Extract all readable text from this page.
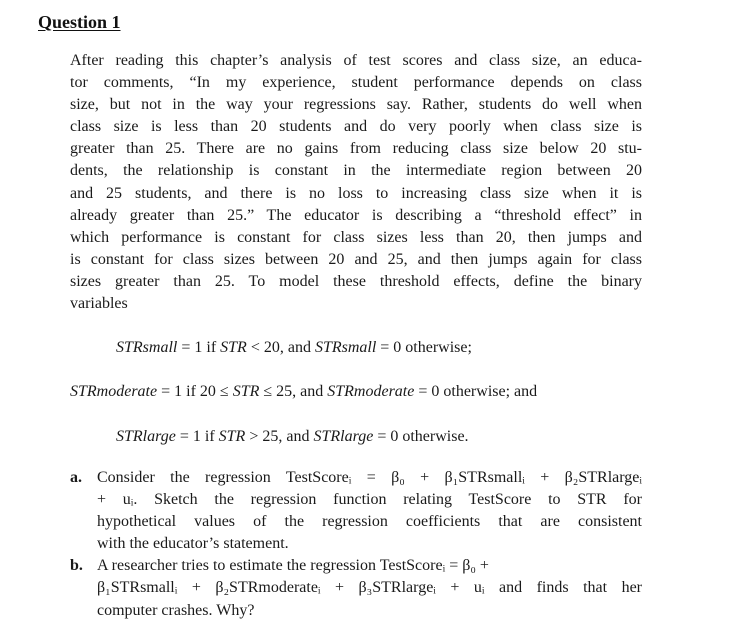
Question 1
After reading this chapter’s analysis of test scores and class size, an educa-
tor comments, “In my experience, student performance depends on class
size, but not in the way your regressions say. Rather, students do well when
class size is less than 20 students and do very poorly when class size is
greater than 25. There are no gains from reducing class size below 20 stu-
dents, the relationship is constant in the intermediate region between 20
and 25 students, and there is no loss to increasing class size when it is
already greater than 25.” The educator is describing a “threshold effect” in
which performance is constant for class sizes less than 20, then jumps and
is constant for class sizes between 20 and 25, and then jumps again for class
sizes greater than 25. To model these threshold effects, define the binary
variables

STRsmall = 1 if STR < 20, and STRsmall = 0 otherwise;

STRmoderate = 1 if 20 ≤ STR ≤ 25, and STRmoderate = 0 otherwise; and

STRlarge = 1 if STR > 25, and STRlarge = 0 otherwise.

a. Consider the regression TestScoreᵢ = β₀ + β₁STRsmallᵢ + β₂STRlargeᵢ
+ uᵢ. Sketch the regression function relating TestScore to STR for
hypothetical values of the regression coefficients that are consistent
with the educator’s statement.
b. A researcher tries to estimate the regression TestScoreᵢ = β₀ +
β₁STRsmallᵢ + β₂STRmoderateᵢ + β₃STRlargeᵢ + uᵢ and finds that her
computer crashes. Why?
